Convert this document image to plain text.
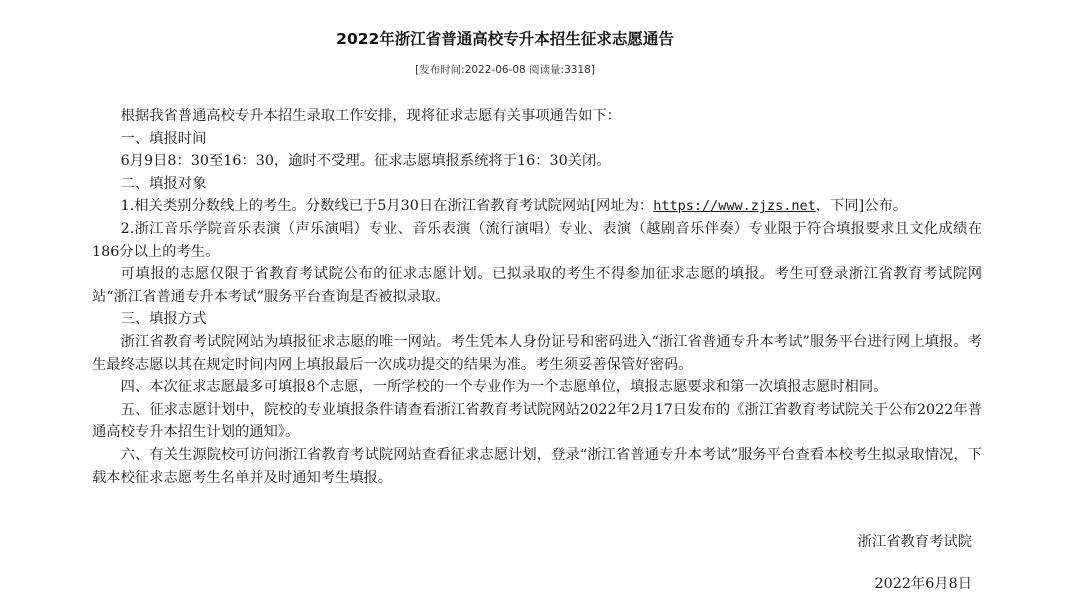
2022年浙江省普通高校专升本招生征求志愿通告
[发布时间:2022-06-08 阅读量:3318]

根据我省普通高校专升本招生录取工作安排，现将征求志愿有关事项通告如下：

一、填报时间

6月9日8：30至16：30，逾时不受理。征求志愿填报系统将于16：30关闭。

二、填报对象

1.相关类别分数线上的考生。分数线已于5月30日在浙江省教育考试院网站[网址为：https://www.zjzs.net，下同]公布。

2.浙江音乐学院音乐表演（声乐演唱）专业、音乐表演（流行演唱）专业、表演（越剧音乐伴奏）专业限于符合填报要求且文化成绩在186分以上的考生。

可填报的志愿仅限于省教育考试院公布的征求志愿计划。已拟录取的考生不得参加征求志愿的填报。考生可登录浙江省教育考试院网站“浙江省普通专升本考试”服务平台查询是否被拟录取。

三、填报方式

浙江省教育考试院网站为填报征求志愿的唯一网站。考生凭本人身份证号和密码进入“浙江省普通专升本考试”服务平台进行网上填报。考生最终志愿以其在规定时间内网上填报最后一次成功提交的结果为准。考生须妥善保管好密码。

四、本次征求志愿最多可填报8个志愿，一所学校的一个专业作为一个志愿单位，填报志愿要求和第一次填报志愿时相同。

五、征求志愿计划中，院校的专业填报条件请查看浙江省教育考试院网站2022年2月17日发布的《浙江省教育考试院关于公布2022年普通高校专升本招生计划的通知》。

六、有关生源院校可访问浙江省教育考试院网站查看征求志愿计划，登录“浙江省普通专升本考试”服务平台查看本校考生拟录取情况，下载本校征求志愿考生名单并及时通知考生填报。

浙江省教育考试院
2022年6月8日
